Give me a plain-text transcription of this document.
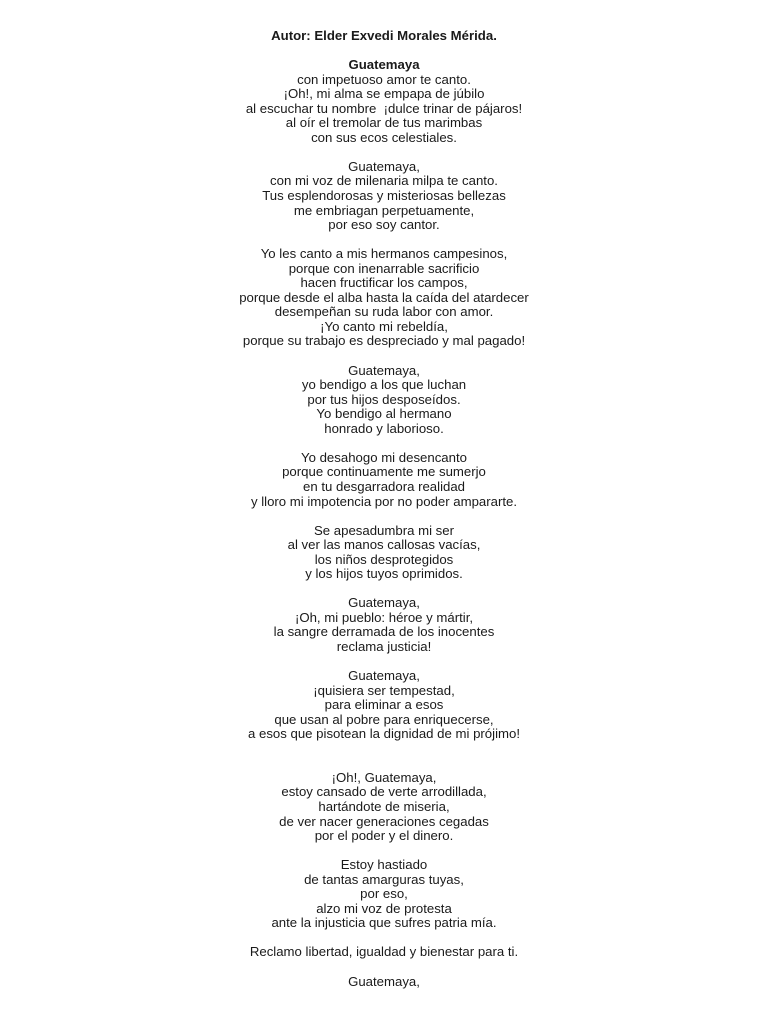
Autor: Elder Exvedi Morales Mérida.
Guatemaya
con impetuoso amor te canto.
¡Oh!, mi alma se empapa de júbilo
al escuchar tu nombre  ¡dulce trinar de pájaros!
al oír el tremolar de tus marimbas
con sus ecos celestiales.
Guatemaya,
con mi voz de milenaria milpa te canto.
Tus esplendorosas y misteriosas bellezas
me embriagan perpetuamente,
por eso soy cantor.
Yo les canto a mis hermanos campesinos,
porque con inenarrable sacrificio
hacen fructificar los campos,
porque desde el alba hasta la caída del atardecer
desempeñan su ruda labor con amor.
¡Yo canto mi rebeldía,
porque su trabajo es despreciado y mal pagado!
Guatemaya,
yo bendigo a los que luchan
por tus hijos desposeídos.
Yo bendigo al hermano
honrado y laborioso.
Yo desahogo mi desencanto
porque continuamente me sumerjo
en tu desgarradora realidad
y lloro mi impotencia por no poder ampararte.
Se apesadumbra mi ser
al ver las manos callosas vacías,
los niños desprotegidos
y los hijos tuyos oprimidos.
Guatemaya,
¡Oh, mi pueblo: héroe y mártir,
la sangre derramada de los inocentes
reclama justicia!
Guatemaya,
¡quisiera ser tempestad,
para eliminar a esos
que usan al pobre para enriquecerse,
a esos que pisotean la dignidad de mi prójimo!
¡Oh!, Guatemaya,
estoy cansado de verte arrodillada,
hartándote de miseria,
de ver nacer generaciones cegadas
por el poder y el dinero.
Estoy hastiado
de tantas amarguras tuyas,
por eso,
alzo mi voz de protesta
ante la injusticia que sufres patria mía.
Reclamo libertad, igualdad y bienestar para ti.
Guatemaya,
